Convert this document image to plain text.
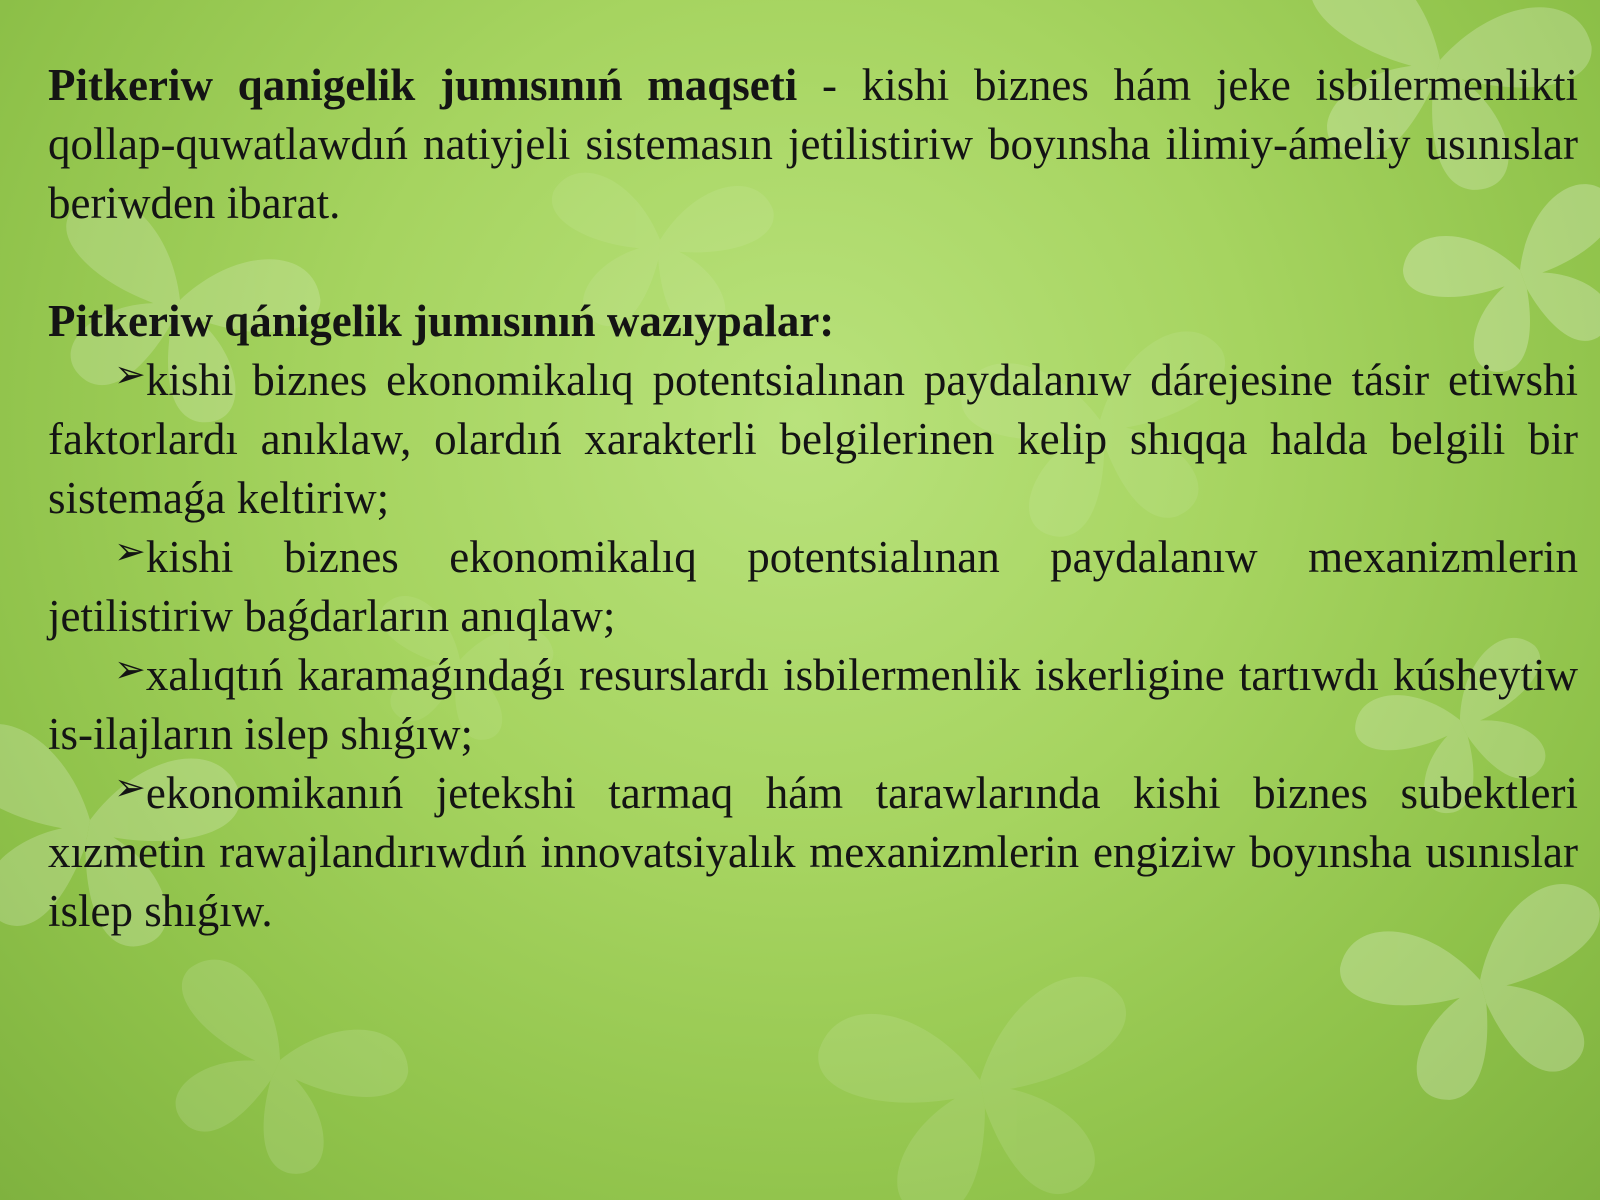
Pitkeriw qanigelik jumısınıń maqseti - kishi biznes hám jeke isbilermenlikti qollap-quwatlawdıń natiyjeli sistemasın jetilistiriw boyınsha ilimiy-ámeliy usınıslar beriwden ibarat.

Pitkeriw qánigelik jumısınıń wazıypalar:

➢kishi biznes ekonomikalıq potentsialınan paydalanıw dárejesine tásir etiwshi faktorlardı anıklaw, olardıń xarakterli belgilerinen kelip shıqqa halda belgili bir sistemaǵa keltiriw;

➢kishi biznes ekonomikalıq potentsialınan paydalanıw mexanizmlerin jetilistiriw baǵdarların anıqlaw;

➢xalıqtıń karamaǵındaǵı resurslardı isbilermenlik iskerligine tartıwdı kúsheytiw is-ilajların islep shıǵıw;

➢ekonomikanıń jetekshi tarmaq hám tarawlarında kishi biznes subektleri xızmetin rawajlandırıwdıń innovatsiyalık mexanizmlerin engiziw boyınsha usınıslar islep shıǵıw.
